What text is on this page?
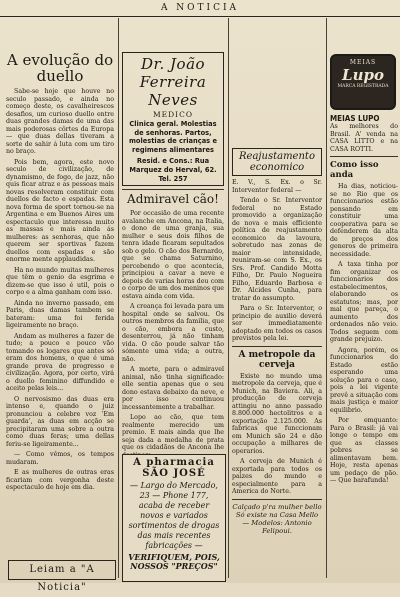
A NOTICIA
A evolução do duello

Sabe-se hoje que houve no seculo passado, e ainda no começo deste, os cavalheirescos desafios, um curioso duello entre duas grandes damas de uma das mais poderosas côrtes da Europa — que duas dellas tiveram a sorte de sahir á luta com um tiro no braço.

Pois bem, agora, este novo seculo de civilização, de dynamismo, de fogo, de jazz, não quis ficar atraz e as pessoas mais novas resolveram constituir com duellos de facto e espadas. Esta nova forma de sport tornou-se na Argentina e em Buenos Aires um espectaculo que interessa muito as massas e mais ainda ás mulheres: as senhoras, que não querem ser sportivas fazem duellos com espadas e são enorme mente applaudidas.

Ha no mundo muitas mulheres que têm o genio da esgrima e dizem-se que isso é util, pois o corpo e a alma ganham com isso.

Ainda no inverno passado, em Paris, duas damas tambem se bateram: uma foi ferida ligeiramente no braço.

Andam as mulheres a fazer de tudo; a pouco e pouco vão tomando os logares que antes só eram dos homens, o que é uma grande prova de progresso e civilização. Agora, por certo, virá o duello feminino diffundido e aceito pelas leis...

O nervosismo das duas era intenso e, quando o juiz pronunciou a celebre voz ‘Em guarda’, as duas em acção se precipitaram uma sobre a outra como duas feras; uma dellas feriu-se ligeiramente...

— Como vêmos, os tempos mudaram.

E as mulheres de outras eras ficariam com vergonha deste espectaculo de hoje em dia.

Leiam a "A Noticia"
Dr. João Ferreira Neves
MEDICO
Clinica geral. Molestias de senhoras. Partos, molestias de crianças e regimens alimentares
Resid. e Cons.: Rua Marquez do Herval, 62. Tel. 257
Admiravel cão!

Por occasião de uma recente avalanche em Ancona, na Italia, o dono de uma granja, sua mulher e seus dois filhos de tenra idade ficaram sepultados sob o gelo. O cão dos Bernardo, que se chama Saturnino, percebendo o que acontecia, principiou a cavar a neve e depois de varias horas deu com o corpo de um dos meninos que estava ainda com vida.

A creança foi levada para um hospital onde se salvou. Os outros membros da familia, que o cão, embora a custo, desenterrou, já não tinham vida. O cão poude salvar tão sómente uma vida; a outra, não.

A morte, para o admiravel animal, não tinha significado: elle sentia apenas que o seu dono estava debaixo da neve, e por isso continuou incessantemente a trabalhar.

Lopo ao cão, que tem realmente merecido um premio. E mais ainda que lhe seja dada a medalha de prata que os cidadãos de Ancona lhe

A pharmacia SÃO JOSÉ
— Largo do Mercado, 23 — Phone 177, acaba de receber novos e variados sortimentos de drogas das mais recentes fabricações —
VERIFIQUEM, POIS, NOSSOS "PREÇOS"
Reajustamento economico

E. V., S. Ex. o Sr. Interventor federal —

Tendo o Sr. Interventor federal no Estado promovido a organização de nova e mais efficiente política de reajustamento economico da lavoura, sobretudo nas zonas de maior intensidade, reuniram-se com S. Ex., os Srs. Prof. Candido Motta Filho, Dr. Paulo Nogueira Filho, Eduardo Barbosa e Dr. Alcides Cunha, para tratar do assumpto.

Para o Sr. Interventor, o principio de auxilio deverá ser immediatamente adoptado em todos os casos previstos pela lei.

A metropole da cerveja

Existe no mundo uma metropole da cerveja, que é Munich, na Baviera. Ali, a producção de cerveja attingiu no anno passado 8.800.000 hectolitros e a exportação 2.125.000. As fabricas que funccionam em Munich são 24 e dão occupação a milhares de operarios.

A cerveja de Munich é exportada para todos os paizes do mundo e especialmente para a America do Norte.

Calçado p'ra mulher bello Só existe na Casa Mello — Modelos: Antonio Felipoui.

MEIAS
Lupo
MARCA REGISTRADA
MEIAS LUPO

As melhores do Brasil. A' venda na CASA LITTO e na CASA ROTTI.

Como isso anda

Ha dias, noticiou-se no Rio que os funccionarios estão pensando em constituir uma cooperativa para se defenderem da alta de preços dos generos de primeira necessidade.

A taxa tinha por fim organizar os funccionarios dos estabelecimentos, elaborando os estatutos; mas, por mal que pareça, o aumento dos ordenados não veio. Todos seguem com grande prejuizo.

Agora, porém, os funccionarios do Estado estão esperando uma solução para o caso, pois a lei vigente prevê a situação com mais justiça e maior equilibrio.

Por emquanto: Para o Brasil: já vai longe o tempo em que as classes pobres se alimentavam bem. Hoje, resta apenas um pedaço de pão. — Que barafunda!
